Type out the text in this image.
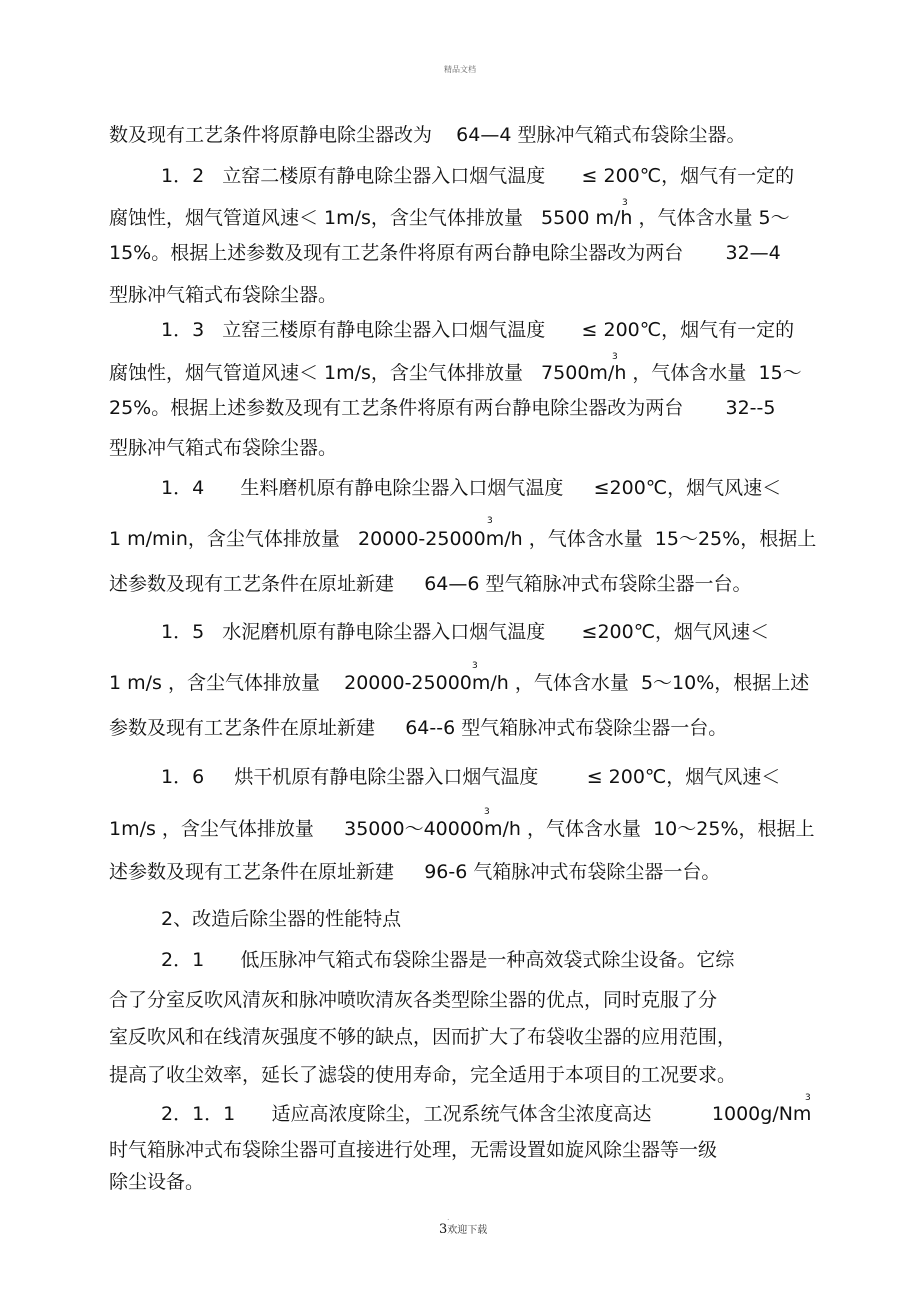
精品文档
数及现有工艺条件将原静电除尘器改为    64—4 型脉冲气箱式布袋除尘器。
1．2   立窑二楼原有静电除尘器入口烟气温度      ≤ 200℃，烟气有一定的
腐蚀性，烟气管道风速＜ 1m/s，含尘气体排放量   5500 m/h ，气体含水量 5～
3
15%。根据上述参数及现有工艺条件将原有两台静电除尘器改为两台       32—4
型脉冲气箱式布袋除尘器。
1．3   立窑三楼原有静电除尘器入口烟气温度      ≤ 200℃，烟气有一定的
腐蚀性，烟气管道风速＜ 1m/s，含尘气体排放量   7500m/h ，气体含水量  15～
3
25%。根据上述参数及现有工艺条件将原有两台静电除尘器改为两台       32--5
型脉冲气箱式布袋除尘器。
1．4      生料磨机原有静电除尘器入口烟气温度     ≤200℃，烟气风速＜
1 m/min，含尘气体排放量   20000-25000m/h ，气体含水量  15～25%，根据上
3
述参数及现有工艺条件在原址新建     64—6 型气箱脉冲式布袋除尘器一台。
1．5   水泥磨机原有静电除尘器入口烟气温度      ≤200℃，烟气风速＜
1 m/s ，含尘气体排放量    20000-25000m/h ，气体含水量  5～10%，根据上述
3
参数及现有工艺条件在原址新建     64--6 型气箱脉冲式布袋除尘器一台。
1．6     烘干机原有静电除尘器入口烟气温度        ≤ 200℃，烟气风速＜
1m/s ，含尘气体排放量     35000～40000m/h ，气体含水量  10～25%，根据上
3
述参数及现有工艺条件在原址新建     96-6 气箱脉冲式布袋除尘器一台。
2、改造后除尘器的性能特点
2．1      低压脉冲气箱式布袋除尘器是一种高效袋式除尘设备。它综
合了分室反吹风清灰和脉冲喷吹清灰各类型除尘器的优点，同时克服了分
室反吹风和在线清灰强度不够的缺点，因而扩大了布袋收尘器的应用范围，
提高了收尘效率，延长了滤袋的使用寿命，完全适用于本项目的工况要求。
2．1．1      适应高浓度除尘，工况系统气体含尘浓度高达          1000g/Nm
3
时气箱脉冲式布袋除尘器可直接进行处理，无需设置如旋风除尘器等一级
除尘设备。
.
3欢迎下载
